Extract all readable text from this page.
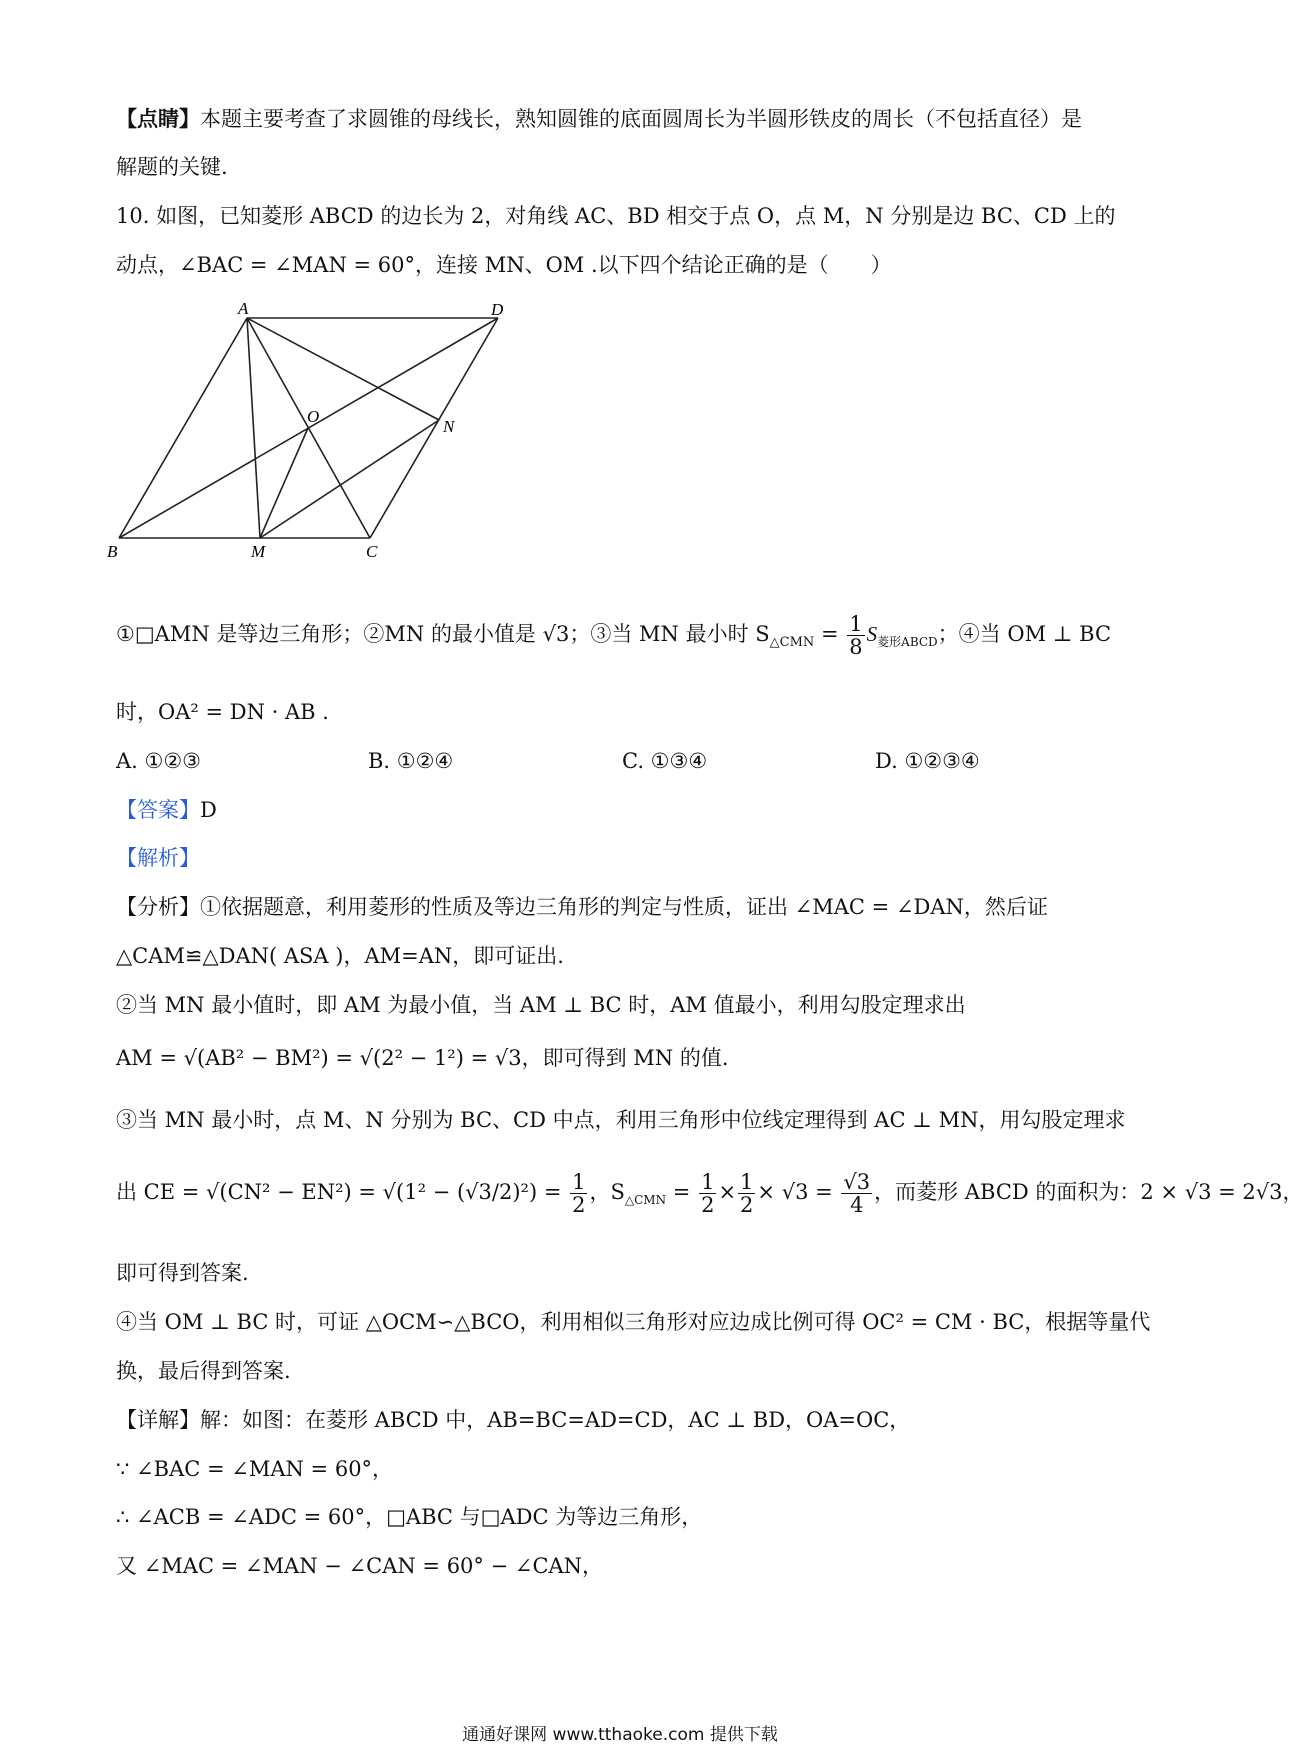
【点睛】本题主要考查了求圆锥的母线长，熟知圆锥的底面圆周长为半圆形铁皮的周长（不包括直径）是
解题的关键.
10. 如图，已知菱形 ABCD 的边长为 2，对角线 AC、BD 相交于点 O，点 M，N 分别是边 BC、CD 上的
动点，∠BAC = ∠MAN = 60°，连接 MN、OM .以下四个结论正确的是（　　）
A	D
O
N
B	M	C
①□AMN 是等边三角形；②MN 的最小值是 √3；③当 MN 最小时 $S_{\triangle CMN} = \frac{1}{8} S_{菱形ABCD}$；④当 OM ⊥ BC
时，OA² = DN · AB .
A. ①②③	B. ①②④	C. ①③④	D. ①②③④
【答案】D
【解析】
【分析】①依据题意，利用菱形的性质及等边三角形的判定与性质，证出 ∠MAC = ∠DAN，然后证
△CAM≌△DAN( ASA )，AM=AN，即可证出.
②当 MN 最小值时，即 AM 为最小值，当 AM ⊥ BC 时，AM 值最小，利用勾股定理求出
AM = √(AB² − BM²) = √(2² − 1²) = √3，即可得到 MN 的值.
③当 MN 最小时，点 M、N 分别为 BC、CD 中点，利用三角形中位线定理得到 AC ⊥ MN，用勾股定理求
出 CE = $√(CN^2 - EN^2) = √(1^2 - (√3/2)^2) = \frac{1}{2}$ ，$S_{\triangle CMN} = \frac{1}{2} \times \frac{1}{2} \times √3 = \frac{√3}{4}$ ，而菱形 ABCD 的面积为：2 × √3 = 2√3，
即可得到答案.
④当 OM ⊥ BC 时，可证 △OCM∽△BCO，利用相似三角形对应边成比例可得 OC² = CM · BC，根据等量代
换，最后得到答案.
【详解】解：如图：在菱形 ABCD 中，AB=BC=AD=CD，AC ⊥ BD，OA=OC，
∵ ∠BAC = ∠MAN = 60°，
∴ ∠ACB = ∠ADC = 60°，□ABC 与□ADC 为等边三角形，
又 ∠MAC = ∠MAN − ∠CAN = 60° − ∠CAN，
通通好课网 www.tthaoke.com 提供下载
